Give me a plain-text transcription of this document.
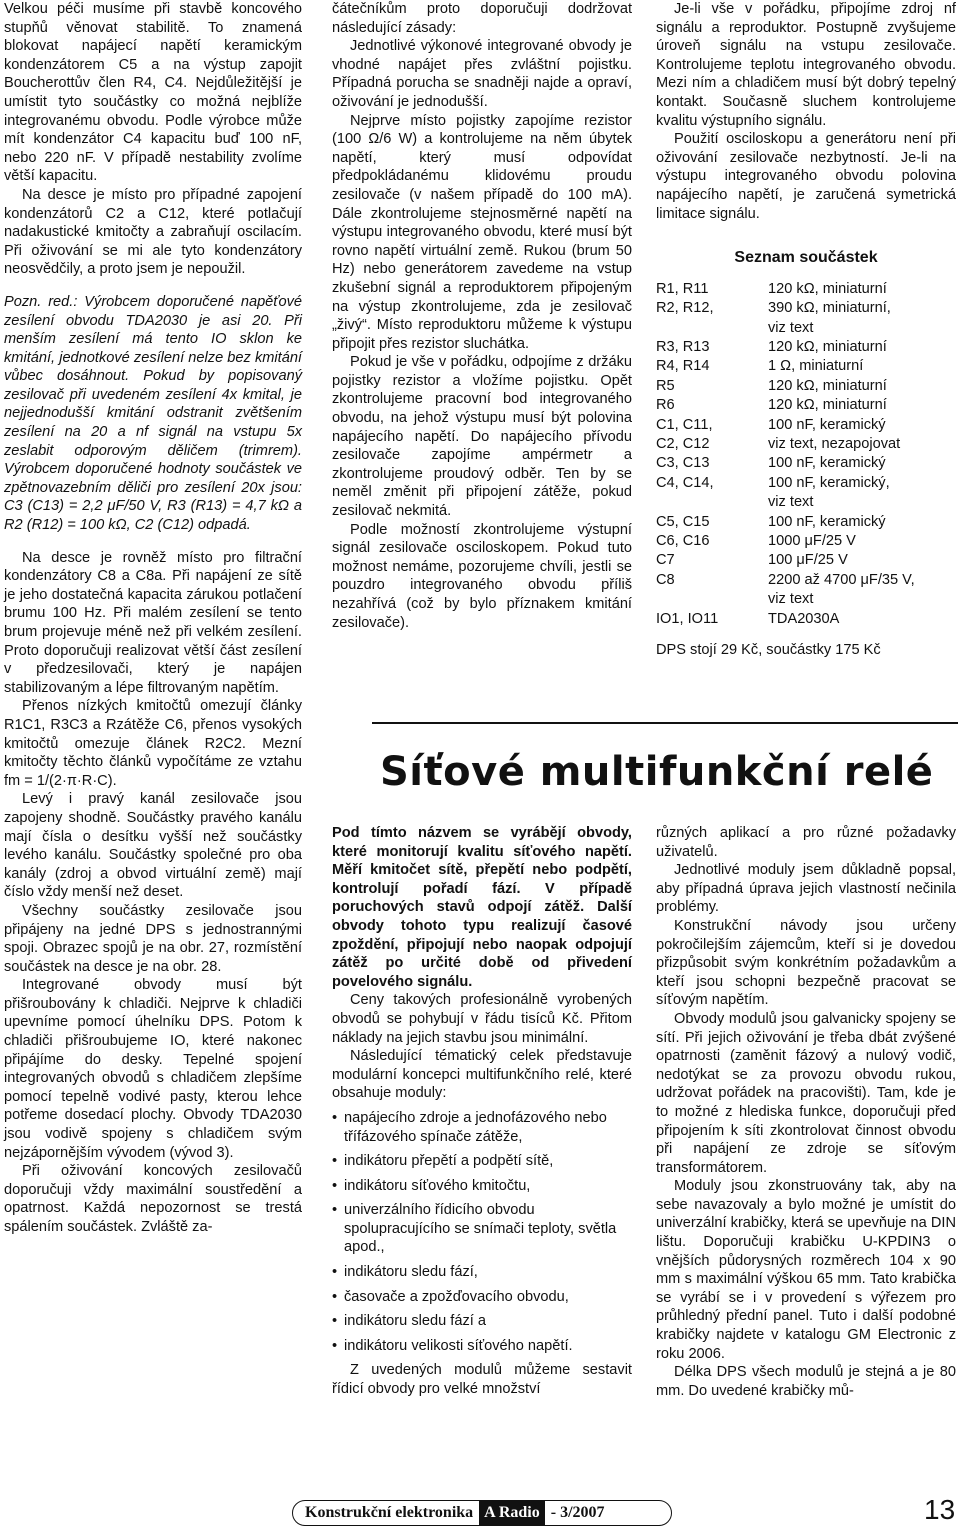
Velkou péči musíme při stavbě koncového stupňů věnovat stabilitě. To znamená blokovat napájecí napětí keramickým kondenzátorem C5 a na výstup zapojit Boucherottův člen R4, C4. Nejdůležitější je umístit tyto součástky co možná nejblíže integrovanému obvodu. Podle výrobce může mít kondenzátor C4 kapacitu buď 100 nF, nebo 220 nF. V případě nestability zvolíme větší kapacitu.

Na desce je místo pro případné zapojení kondenzátorů C2 a C12, které potlačují nadakustické kmitočty a zabraňují oscilacím. Při oživování se mi ale tyto kondenzátory neosvědčily, a proto jsem je nepoužil.

Pozn. red.: Výrobcem doporučené napěťové zesílení obvodu TDA2030 je asi 20. Při menším zesílení má tento IO sklon ke kmitání, jednotkové zesílení nelze bez kmitání vůbec dosáhnout. Pokud by popisovaný zesilovač při uvedeném zesílení 4x kmital, je nejjednodušší kmitání odstranit zvětšením zesílení na 20 a nf signál na vstupu 5x zeslabit odporovým děličem (trimrem). Výrobcem doporučené hodnoty součástek ve zpětnovazebním děliči pro zesílení 20x jsou: C3 (C13) = 2,2 μF/50 V, R3 (R13) = 4,7 kΩ a R2 (R12) = 100 kΩ, C2 (C12) odpadá.

Na desce je rovněž místo pro filtrační kondenzátory C8 a C8a. Při napájení ze sítě je jeho dostatečná kapacita zárukou potlačení brumu 100 Hz. Při malém zesílení se tento brum projevuje méně než při velkém zesílení. Proto doporučuji realizovat větší část zesílení v předzesilovači, který je napájen stabilizovaným a lépe filtrovaným napětím.

Přenos nízkých kmitočtů omezují články R1C1, R3C3 a Rzátěže C6, přenos vysokých kmitočtů omezuje článek R2C2. Mezní kmitočty těchto článků vypočítáme ze vztahu fm = 1/(2·π·R·C).

Levý i pravý kanál zesilovače jsou zapojeny shodně. Součástky pravého kanálu mají čísla o desítku vyšší než součástky levého kanálu. Součástky společné pro oba kanály (zdroj a obvod virtuální země) mají číslo vždy menší než deset.

Všechny součástky zesilovače jsou připájeny na jedné DPS s jednostrannými spoji. Obrazec spojů je na obr. 27, rozmístění součástek na desce je na obr. 28.

Integrované obvody musí být přišroubovány k chladiči. Nejprve k chladiči upevníme pomocí úhelníku DPS. Potom k chladiči přišroubujeme IO, které nakonec připájíme do desky. Tepelné spojení integrovaných obvodů s chladičem zlepšíme pomocí tepelně vodivé pasty, kterou lehce potřeme dosedací plochy. Obvody TDA2030 jsou vodivě spojeny s chladičem svým nejzápornějším vývodem (vývod 3).

Při oživování koncových zesilovačů doporučuji vždy maximální soustředění a opatrnost. Každá nepozornost se trestá spálením součástek. Zvláště za-

čátečníkům proto doporučuji dodržovat následující zásady:

Jednotlivé výkonové integrované obvody je vhodné napájet přes zvláštní pojistku. Případná porucha se snadněji najde a opraví, oživování je jednodušší.

Nejprve místo pojistky zapojíme rezistor (100 Ω/6 W) a kontrolujeme na něm úbytek napětí, který musí odpovídat předpokládanému klidovému proudu zesilovače (v našem případě do 100 mA). Dále zkontrolujeme stejnosměrné napětí na výstupu integrovaného obvodu, které musí být rovno napětí virtuální země. Rukou (brum 50 Hz) nebo generátorem zavedeme na vstup zkušební signál a reproduktorem připojeným na výstup zkontrolujeme, zda je zesilovač „živý“. Místo reproduktoru můžeme k výstupu připojit přes rezistor sluchátka.

Pokud je vše v pořádku, odpojíme z držáku pojistky rezistor a vložíme pojistku. Opět zkontrolujeme pracovní bod integrovaného obvodu, na jehož výstupu musí být polovina napájecího napětí. Do napájecího přívodu zesilovače zapojíme ampérmetr a zkontrolujeme proudový odběr. Ten by se neměl změnit při připojení zátěže, pokud zesilovač nekmitá.

Podle možností zkontrolujeme výstupní signál zesilovače osciloskopem. Pokud tuto možnost nemáme, pozorujeme chvíli, jestli se pouzdro integrovaného obvodu příliš nezahřívá (což by bylo příznakem kmitání zesilovače).

Je-li vše v pořádku, připojíme zdroj nf signálu a reproduktor. Postupně zvyšujeme úroveň signálu na vstupu zesilovače. Kontrolujeme teplotu integrovaného obvodu. Mezi ním a chladičem musí být dobrý tepelný kontakt. Současně sluchem kontrolujeme kvalitu výstupního signálu.

Použití osciloskopu a generátoru není při oživování zesilovače nezbytností. Je-li na výstupu integrovaného obvodu polovina napájecího napětí, je zaručená symetrická limitace signálu.

Seznam součástek

R1, R11	120 kΩ, miniaturní
R2, R12,	390 kΩ, miniaturní,
viz text
R3, R13	120 kΩ, miniaturní
R4, R14	1 Ω, miniaturní
R5	120 kΩ, miniaturní
R6	120 kΩ, miniaturní
C1, C11,	100 nF, keramický
C2, C12	viz text, nezapojovat
C3, C13	100 nF, keramický
C4, C14,	100 nF, keramický,
viz text
C5, C15	100 nF, keramický
C6, C16	1000 μF/25 V
C7	100 μF/25 V
C8	2200 až 4700 μF/35 V,
viz text
IO1, IO11	TDA2030A

DPS stojí 29 Kč, součástky 175 Kč

Síťové multifunkční relé

Pod tímto názvem se vyrábějí obvody, které monitorují kvalitu síťového napětí. Měří kmitočet sítě, přepětí nebo podpětí, kontrolují pořadí fází. V případě poruchových stavů odpojí zátěž. Další obvody tohoto typu realizují časové zpoždění, připojují nebo naopak odpojují zátěž po určité době od přivedení povelového signálu.

Ceny takových profesionálně vyrobených obvodů se pohybují v řádu tisíců Kč. Přitom náklady na jejich stavbu jsou minimální.

Následující tématický celek představuje modulární koncepci multifunkčního relé, které obsahuje moduly:

• napájecího zdroje a jednofázového nebo třífázového spínače zátěže,
• indikátoru přepětí a podpětí sítě,
• indikátoru síťového kmitočtu,
• univerzálního řídicího obvodu spolupracujícího se snímači teploty, světla apod.,
• indikátoru sledu fází,
• časovače a zpožďovacího obvodu,
• indikátoru sledu fází a
• indikátoru velikosti síťového napětí.

Z uvedených modulů můžeme sestavit řídicí obvody pro velké množství

různých aplikací a pro různé požadavky uživatelů.

Jednotlivé moduly jsem důkladně popsal, aby případná úprava jejich vlastností nečinila problémy.

Konstrukční návody jsou určeny pokročilejším zájemcům, kteří si je dovedou přizpůsobit svým konkrétním požadavkům a kteří jsou schopni bezpečně pracovat se síťovým napětím.

Obvody modulů jsou galvanicky spojeny se sítí. Při jejich oživování je třeba dbát zvýšené opatrnosti (zaměnit fázový a nulový vodič, nedotýkat se za provozu obvodu rukou, udržovat pořádek na pracovišti). Tam, kde je to možné z hlediska funkce, doporučuji před připojením k síti zkontrolovat činnost obvodu při napájení ze zdroje se síťovým transformátorem.

Moduly jsou zkonstruovány tak, aby na sebe navazovaly a bylo možné je umístit do univerzální krabičky, která se upevňuje na DIN lištu. Doporučuji krabičku U-KPDIN3 o vnějších půdorysných rozměrech 104 x 90 mm s maximální výškou 65 mm. Tato krabička se vyrábí se i v provedení s výřezem pro průhledný přední panel. Tuto i další podobné krabičky najdete v katalogu GM Electronic z roku 2006.

Délka DPS všech modulů je stejná a je 80 mm. Do uvedené krabičky mů-

Konstrukční elektronika A Radio - 3/2007	13
